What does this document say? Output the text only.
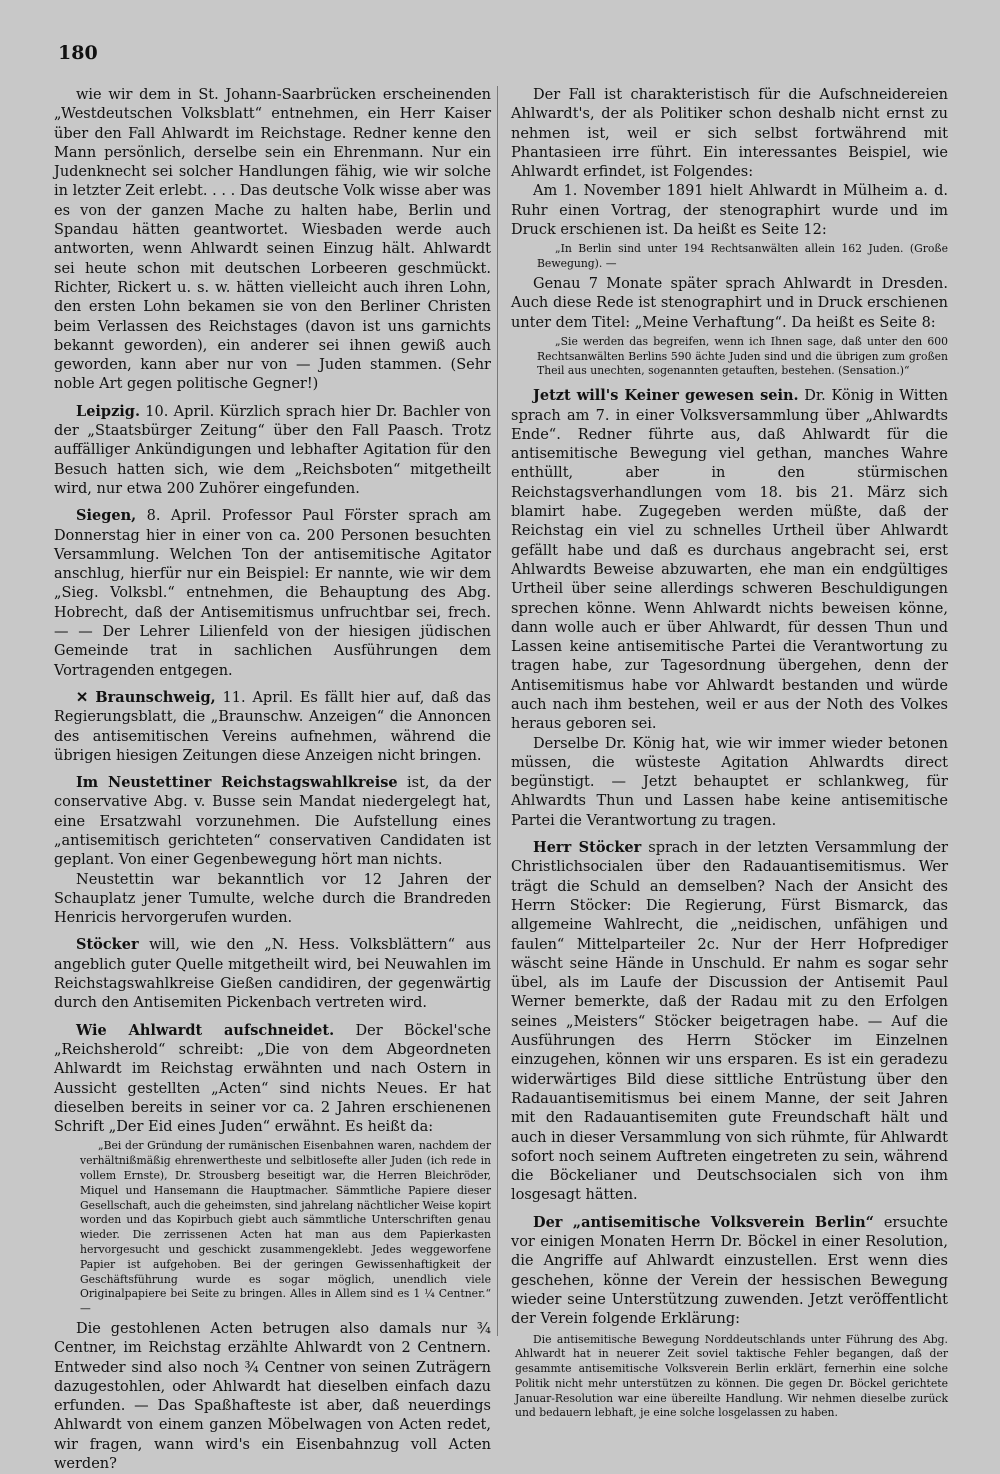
180

wie wir dem in St. Johann-Saarbrücken erscheinenden „Westdeutschen Volksblatt“ entnehmen, ein Herr Kaiser über den Fall Ahlwardt im Reichstage. Redner kenne den Mann persönlich, derselbe sein ein Ehrenmann. Nur ein Judenknecht sei solcher Handlungen fähig, wie wir solche in letzter Zeit erlebt. . . . Das deutsche Volk wisse aber was es von der ganzen Mache zu halten habe, Berlin und Spandau hätten geantwortet. Wiesbaden werde auch antworten, wenn Ahlwardt seinen Einzug hält. Ahlwardt sei heute schon mit deutschen Lorbeeren geschmückt. Richter, Rickert u. s. w. hätten vielleicht auch ihren Lohn, den ersten Lohn bekamen sie von den Berliner Christen beim Verlassen des Reichstages (davon ist uns garnichts bekannt geworden), ein anderer sei ihnen gewiß auch geworden, kann aber nur von — Juden stammen. (Sehr noble Art gegen politische Gegner!)

Leipzig. 10. April. Kürzlich sprach hier Dr. Bachler von der „Staatsbürger Zeitung“ über den Fall Paasch. Trotz auffälliger Ankündigungen und lebhafter Agitation für den Besuch hatten sich, wie dem „Reichsboten“ mitgetheilt wird, nur etwa 200 Zuhörer eingefunden.

Siegen, 8. April. Professor Paul Förster sprach am Donnerstag hier in einer von ca. 200 Personen besuchten Versammlung. Welchen Ton der antisemitische Agitator anschlug, hierfür nur ein Beispiel: Er nannte, wie wir dem „Sieg. Volksbl.“ entnehmen, die Behauptung des Abg. Hobrecht, daß der Antisemitismus unfruchtbar sei, frech. — — Der Lehrer Lilienfeld von der hiesigen jüdischen Gemeinde trat in sachlichen Ausführungen dem Vortragenden entgegen.

✕ Braunschweig, 11. April. Es fällt hier auf, daß das Regierungsblatt, die „Braunschw. Anzeigen“ die Annoncen des antisemitischen Vereins aufnehmen, während die übrigen hiesigen Zeitungen diese Anzeigen nicht bringen.

Im Neustettiner Reichstagswahlkreise ist, da der conservative Abg. v. Busse sein Mandat niedergelegt hat, eine Ersatzwahl vorzunehmen. Die Aufstellung eines „antisemitisch gerichteten“ conservativen Candidaten ist geplant. Von einer Gegenbewegung hört man nichts.

Neustettin war bekanntlich vor 12 Jahren der Schauplatz jener Tumulte, welche durch die Brandreden Henricis hervorgerufen wurden.

Stöcker will, wie den „N. Hess. Volksblättern“ aus angeblich guter Quelle mitgetheilt wird, bei Neuwahlen im Reichstagswahlkreise Gießen candidiren, der gegenwärtig durch den Antisemiten Pickenbach vertreten wird.

Wie Ahlwardt aufschneidet. Der Böckel'sche „Reichsherold“ schreibt: „Die von dem Abgeordneten Ahlwardt im Reichstag erwähnten und nach Ostern in Aussicht gestellten „Acten“ sind nichts Neues. Er hat dieselben bereits in seiner vor ca. 2 Jahren erschienenen Schrift „Der Eid eines Juden“ erwähnt. Es heißt da:

„Bei der Gründung der rumänischen Eisenbahnen waren, nachdem der verhältnißmäßig ehrenwertheste und selbitlosefte aller Juden (ich rede in vollem Ernste), Dr. Strousberg beseitigt war, die Herren Bleichröder, Miquel und Hansemann die Hauptmacher. Sämmtliche Papiere dieser Gesellschaft, auch die geheimsten, sind jahrelang nächtlicher Weise kopirt worden und das Kopirbuch giebt auch sämmtliche Unterschriften genau wieder. Die zerrissenen Acten hat man aus dem Papierkasten hervorgesucht und geschickt zusammengeklebt. Jedes weggeworfene Papier ist aufgehoben. Bei der geringen Gewissenhaftigkeit der Geschäftsführung wurde es sogar möglich, unendlich viele Originalpapiere bei Seite zu bringen. Alles in Allem sind es 1 ¼ Centner.“ —

Die gestohlenen Acten betrugen also damals nur ¾ Centner, im Reichstag erzählte Ahlwardt von 2 Centnern. Entweder sind also noch ¾ Centner von seinen Zuträgern dazugestohlen, oder Ahlwardt hat dieselben einfach dazu erfunden. — Das Spaßhafteste ist aber, daß neuerdings Ahlwardt von einem ganzen Möbelwagen von Acten redet, wir fragen, wann wird's ein Eisenbahnzug voll Acten werden?

Der Fall ist charakteristisch für die Aufschneidereien Ahlwardt's, der als Politiker schon deshalb nicht ernst zu nehmen ist, weil er sich selbst fortwährend mit Phantasieen irre führt. Ein interessantes Beispiel, wie Ahlwardt erfindet, ist Folgendes:

Am 1. November 1891 hielt Ahlwardt in Mülheim a. d. Ruhr einen Vortrag, der stenographirt wurde und im Druck erschienen ist. Da heißt es Seite 12:

„In Berlin sind unter 194 Rechtsanwälten allein 162 Juden. (Große Bewegung). —

Genau 7 Monate später sprach Ahlwardt in Dresden. Auch diese Rede ist stenographirt und in Druck erschienen unter dem Titel: „Meine Verhaftung“. Da heißt es Seite 8:

„Sie werden das begreifen, wenn ich Ihnen sage, daß unter den 600 Rechtsanwälten Berlins 590 ächte Juden sind und die übrigen zum großen Theil aus unechten, sogenannten getauften, bestehen. (Sensation.)“

Jetzt will's Keiner gewesen sein. Dr. König in Witten sprach am 7. in einer Volksversammlung über „Ahlwardts Ende“. Redner führte aus, daß Ahlwardt für die antisemitische Bewegung viel gethan, manches Wahre enthüllt, aber in den stürmischen Reichstagsverhandlungen vom 18. bis 21. März sich blamirt habe. Zugegeben werden müßte, daß der Reichstag ein viel zu schnelles Urtheil über Ahlwardt gefällt habe und daß es durchaus angebracht sei, erst Ahlwardts Beweise abzuwarten, ehe man ein endgültiges Urtheil über seine allerdings schweren Beschuldigungen sprechen könne. Wenn Ahlwardt nichts beweisen könne, dann wolle auch er über Ahlwardt, für dessen Thun und Lassen keine antisemitische Partei die Verantwortung zu tragen habe, zur Tagesordnung übergehen, denn der Antisemitismus habe vor Ahlwardt bestanden und würde auch nach ihm bestehen, weil er aus der Noth des Volkes heraus geboren sei.

Derselbe Dr. König hat, wie wir immer wieder betonen müssen, die wüsteste Agitation Ahlwardts direct begünstigt. — Jetzt behauptet er schlankweg, für Ahlwardts Thun und Lassen habe keine antisemitische Partei die Verantwortung zu tragen.

Herr Stöcker sprach in der letzten Versammlung der Christlichsocialen über den Radauantisemitismus. Wer trägt die Schuld an demselben? Nach der Ansicht des Herrn Stöcker: Die Regierung, Fürst Bismarck, das allgemeine Wahlrecht, die „neidischen, unfähigen und faulen“ Mittelparteiler 2c. Nur der Herr Hofprediger wäscht seine Hände in Unschuld. Er nahm es sogar sehr übel, als im Laufe der Discussion der Antisemit Paul Werner bemerkte, daß der Radau mit zu den Erfolgen seines „Meisters“ Stöcker beigetragen habe. — Auf die Ausführungen des Herrn Stöcker im Einzelnen einzugehen, können wir uns ersparen. Es ist ein geradezu widerwärtiges Bild diese sittliche Entrüstung über den Radauantisemitismus bei einem Manne, der seit Jahren mit den Radauantisemiten gute Freundschaft hält und auch in dieser Versammlung von sich rühmte, für Ahlwardt sofort noch seinem Auftreten eingetreten zu sein, während die Böckelianer und Deutschsocialen sich von ihm losgesagt hätten.

Der „antisemitische Volksverein Berlin“ ersuchte vor einigen Monaten Herrn Dr. Böckel in einer Resolution, die Angriffe auf Ahlwardt einzustellen. Erst wenn dies geschehen, könne der Verein der hessischen Bewegung wieder seine Unterstützung zuwenden. Jetzt veröffentlicht der Verein folgende Erklärung:

Die antisemitische Bewegung Norddeutschlands unter Führung des Abg. Ahlwardt hat in neuerer Zeit soviel taktische Fehler begangen, daß der gesammte antisemitische Volksverein Berlin erklärt, fernerhin eine solche Politik nicht mehr unterstützen zu können. Die gegen Dr. Böckel gerichtete Januar-Resolution war eine übereilte Handlung. Wir nehmen dieselbe zurück und bedauern lebhaft, je eine solche losgelassen zu haben.
